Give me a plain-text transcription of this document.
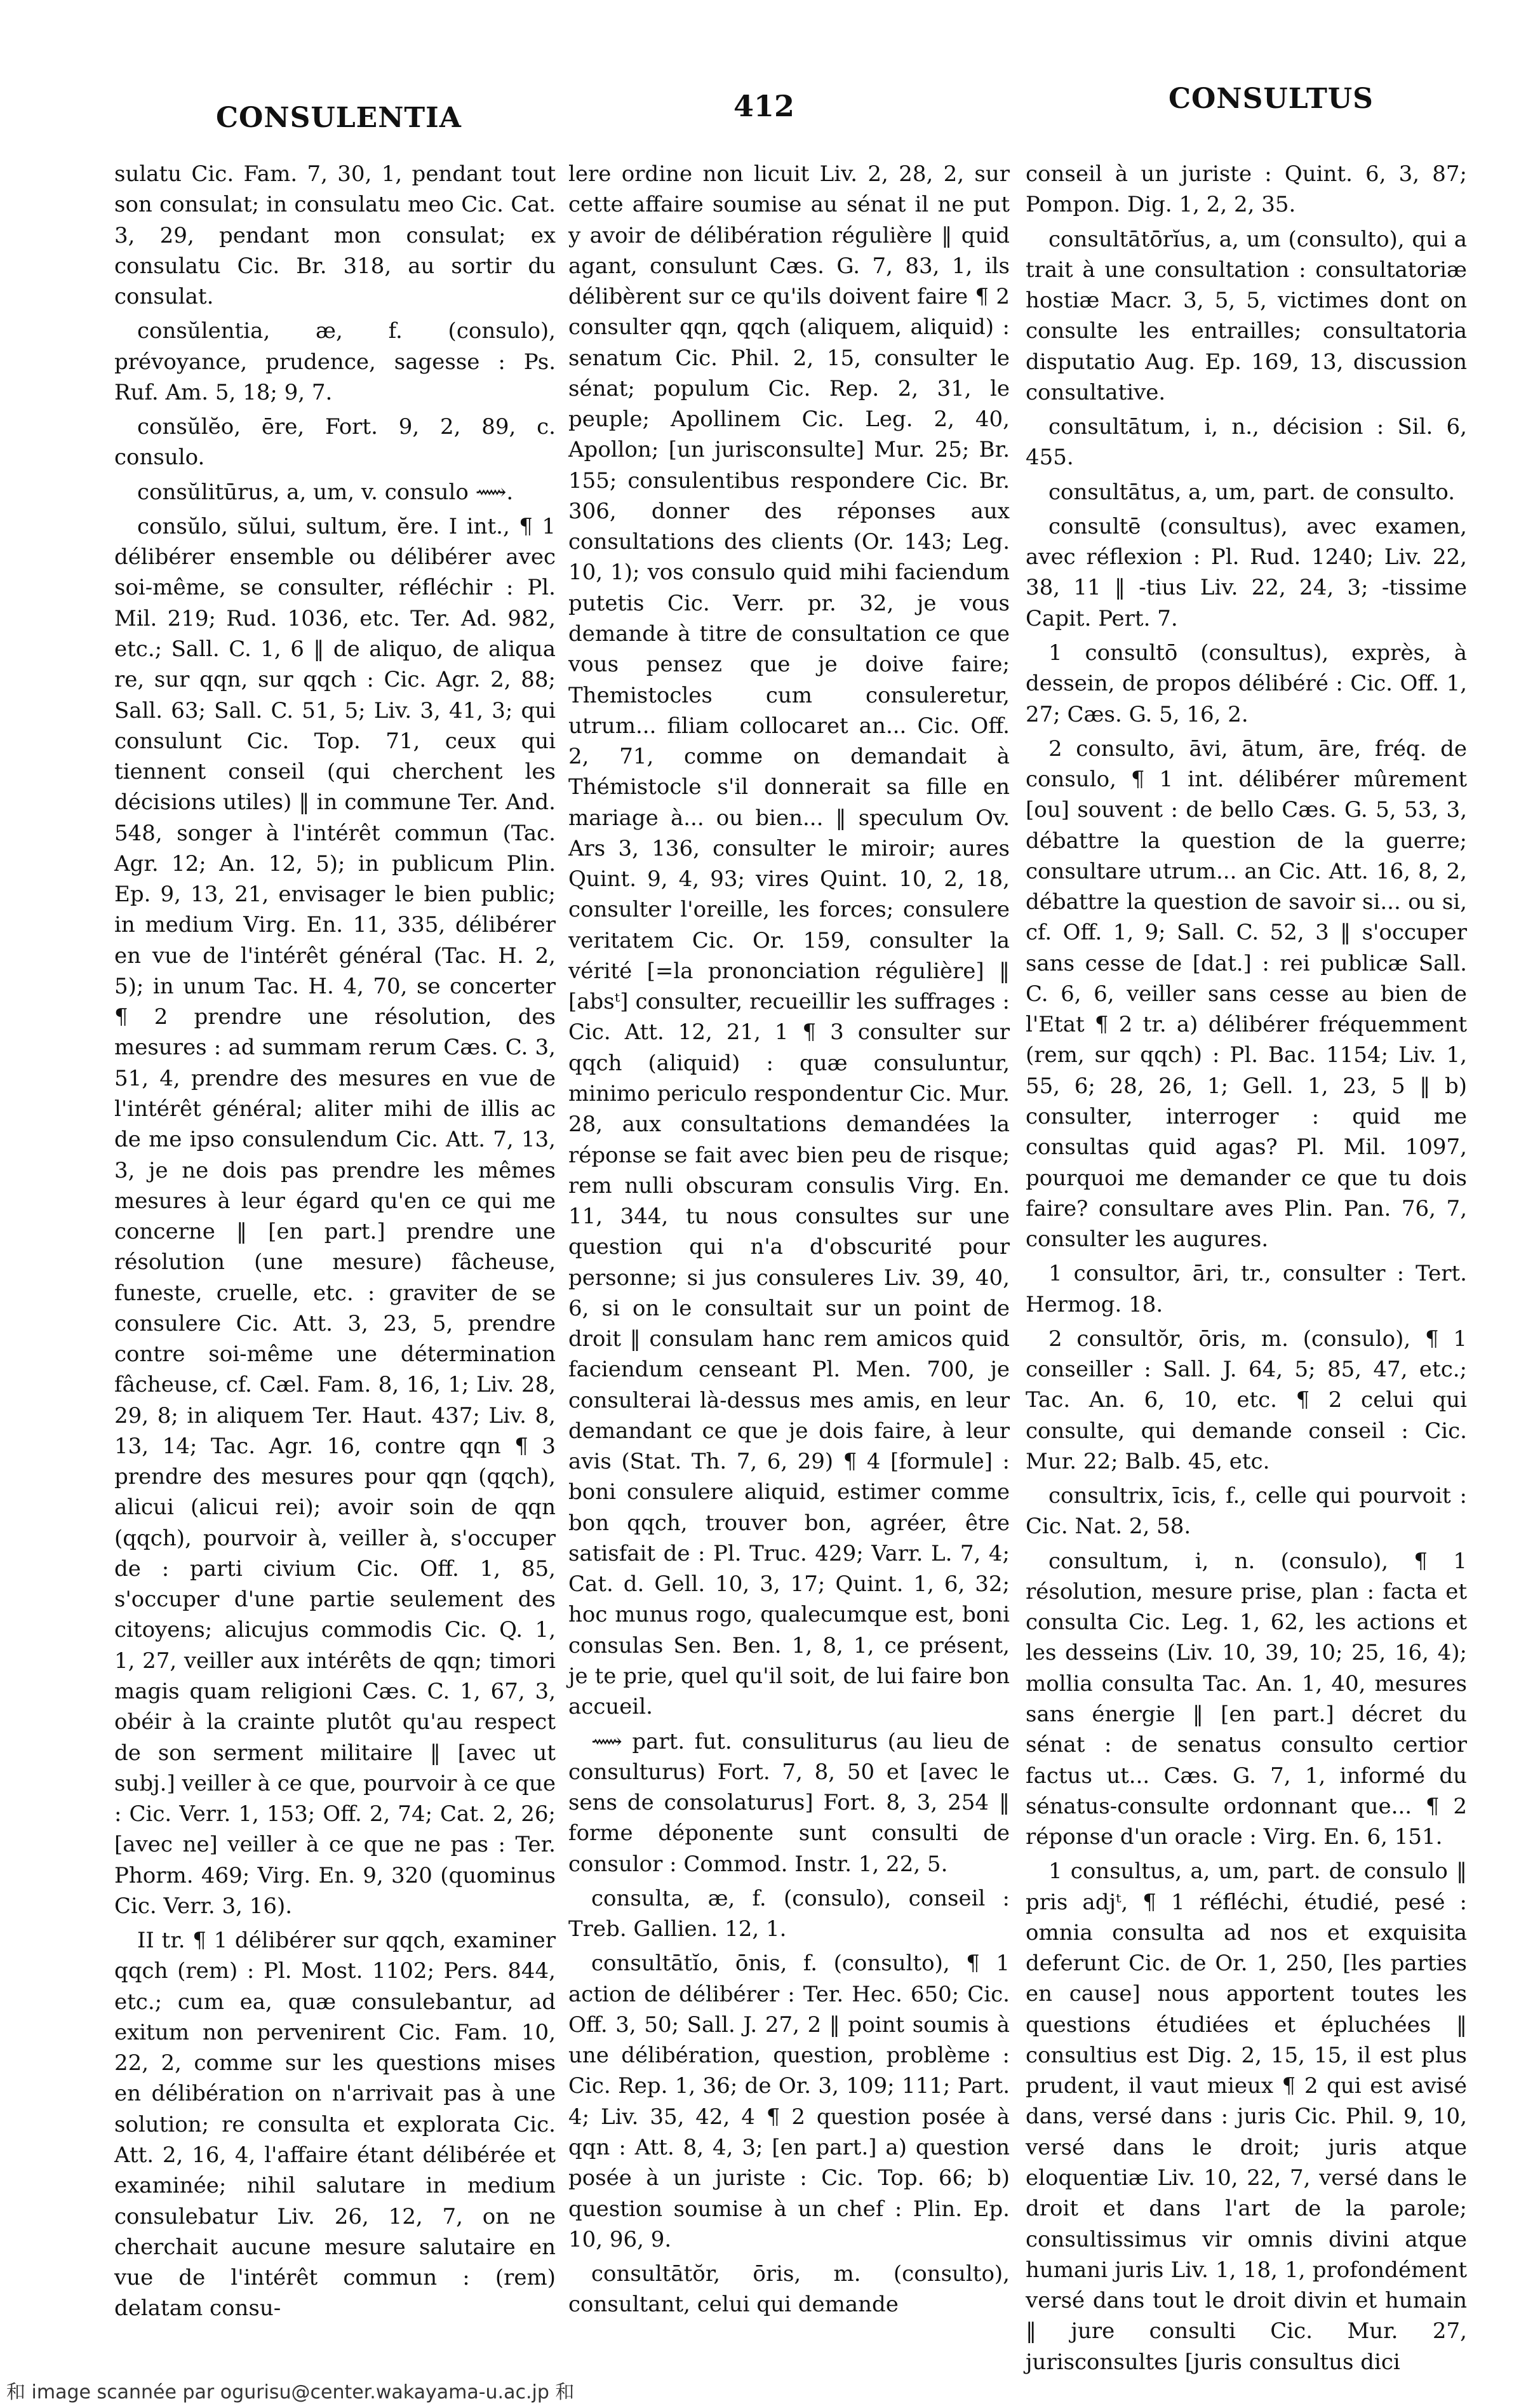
CONSULENTIA	412	CONSULTUS

sulatu Cic. Fam. 7, 30, 1, pendant tout son consulat; in consulatu meo Cic. Cat. 3, 29, pendant mon consulat; ex consulatu Cic. Br. 318, au sortir du consulat.

consŭlentia, æ, f. (consulo), prévoyance, prudence, sagesse : Ps. Ruf. Am. 5, 18; 9, 7.

consŭlĕo, ēre, Fort. 9, 2, 89, c. consulo.

consŭlitūrus, a, um, v. consulo ⟿.

consŭlo, sŭlui, sultum, ĕre. I int., ¶ 1 délibérer ensemble ou délibérer avec soi-même, se consulter, réfléchir : Pl. Mil. 219; Rud. 1036, etc. Ter. Ad. 982, etc.; Sall. C. 1, 6 ‖ de aliquo, de aliqua re, sur qqn, sur qqch : Cic. Agr. 2, 88; Sall. 63; Sall. C. 51, 5; Liv. 3, 41, 3; qui consulunt Cic. Top. 71, ceux qui tiennent conseil (qui cherchent les décisions utiles) ‖ in commune Ter. And. 548, songer à l'intérêt commun (Tac. Agr. 12; An. 12, 5); in publicum Plin. Ep. 9, 13, 21, envisager le bien public; in medium Virg. En. 11, 335, délibérer en vue de l'intérêt général (Tac. H. 2, 5); in unum Tac. H. 4, 70, se concerter ¶ 2 prendre une résolution, des mesures : ad summam rerum Cæs. C. 3, 51, 4, prendre des mesures en vue de l'intérêt général; aliter mihi de illis ac de me ipso consulendum Cic. Att. 7, 13, 3, je ne dois pas prendre les mêmes mesures à leur égard qu'en ce qui me concerne ‖ [en part.] prendre une résolution (une mesure) fâcheuse, funeste, cruelle, etc. : graviter de se consulere Cic. Att. 3, 23, 5, prendre contre soi-même une détermination fâcheuse, cf. Cæl. Fam. 8, 16, 1; Liv. 28, 29, 8; in aliquem Ter. Haut. 437; Liv. 8, 13, 14; Tac. Agr. 16, contre qqn ¶ 3 prendre des mesures pour qqn (qqch), alicui (alicui rei); avoir soin de qqn (qqch), pourvoir à, veiller à, s'occuper de : parti civium Cic. Off. 1, 85, s'occuper d'une partie seulement des citoyens; alicujus commodis Cic. Q. 1, 1, 27, veiller aux intérêts de qqn; timori magis quam religioni Cæs. C. 1, 67, 3, obéir à la crainte plutôt qu'au respect de son serment militaire ‖ [avec ut subj.] veiller à ce que, pourvoir à ce que : Cic. Verr. 1, 153; Off. 2, 74; Cat. 2, 26; [avec ne] veiller à ce que ne pas : Ter. Phorm. 469; Virg. En. 9, 320 (quominus Cic. Verr. 3, 16).

II tr. ¶ 1 délibérer sur qqch, examiner qqch (rem) : Pl. Most. 1102; Pers. 844, etc.; cum ea, quæ consulebantur, ad exitum non pervenirent Cic. Fam. 10, 22, 2, comme sur les questions mises en délibération on n'arrivait pas à une solution; re consulta et explorata Cic. Att. 2, 16, 4, l'affaire étant délibérée et examinée; nihil salutare in medium consulebatur Liv. 26, 12, 7, on ne cherchait aucune mesure salutaire en vue de l'intérêt commun : (rem) delatam consu-

lere ordine non licuit Liv. 2, 28, 2, sur cette affaire soumise au sénat il ne put y avoir de délibération régulière ‖ quid agant, consulunt Cæs. G. 7, 83, 1, ils délibèrent sur ce qu'ils doivent faire ¶ 2 consulter qqn, qqch (aliquem, aliquid) : senatum Cic. Phil. 2, 15, consulter le sénat; populum Cic. Rep. 2, 31, le peuple; Apollinem Cic. Leg. 2, 40, Apollon; [un jurisconsulte] Mur. 25; Br. 155; consulentibus respondere Cic. Br. 306, donner des réponses aux consultations des clients (Or. 143; Leg. 10, 1); vos consulo quid mihi faciendum putetis Cic. Verr. pr. 32, je vous demande à titre de consultation ce que vous pensez que je doive faire; Themistocles cum consuleretur, utrum... filiam collocaret an... Cic. Off. 2, 71, comme on demandait à Thémistocle s'il donnerait sa fille en mariage à... ou bien... ‖ speculum Ov. Ars 3, 136, consulter le miroir; aures Quint. 9, 4, 93; vires Quint. 10, 2, 18, consulter l'oreille, les forces; consulere veritatem Cic. Or. 159, consulter la vérité [=la prononciation régulière] ‖ [absᵗ] consulter, recueillir les suffrages : Cic. Att. 12, 21, 1 ¶ 3 consulter sur qqch (aliquid) : quæ consuluntur, minimo periculo respondentur Cic. Mur. 28, aux consultations demandées la réponse se fait avec bien peu de risque; rem nulli obscuram consulis Virg. En. 11, 344, tu nous consultes sur une question qui n'a d'obscurité pour personne; si jus consuleres Liv. 39, 40, 6, si on le consultait sur un point de droit ‖ consulam hanc rem amicos quid faciendum censeant Pl. Men. 700, je consulterai là-dessus mes amis, en leur demandant ce que je dois faire, à leur avis (Stat. Th. 7, 6, 29) ¶ 4 [formule] : boni consulere aliquid, estimer comme bon qqch, trouver bon, agréer, être satisfait de : Pl. Truc. 429; Varr. L. 7, 4; Cat. d. Gell. 10, 3, 17; Quint. 1, 6, 32; hoc munus rogo, qualecumque est, boni consulas Sen. Ben. 1, 8, 1, ce présent, je te prie, quel qu'il soit, de lui faire bon accueil.

⟿ part. fut. consuliturus (au lieu de consulturus) Fort. 7, 8, 50 et [avec le sens de consolaturus] Fort. 8, 3, 254 ‖ forme déponente sunt consulti de consulor : Commod. Instr. 1, 22, 5.

consulta, æ, f. (consulo), conseil : Treb. Gallien. 12, 1.

consultātĭo, ōnis, f. (consulto), ¶ 1 action de délibérer : Ter. Hec. 650; Cic. Off. 3, 50; Sall. J. 27, 2 ‖ point soumis à une délibération, question, problème : Cic. Rep. 1, 36; de Or. 3, 109; 111; Part. 4; Liv. 35, 42, 4 ¶ 2 question posée à qqn : Att. 8, 4, 3; [en part.] a) question posée à un juriste : Cic. Top. 66; b) question soumise à un chef : Plin. Ep. 10, 96, 9.

consultātŏr, ōris, m. (consulto), consultant, celui qui demande

conseil à un juriste : Quint. 6, 3, 87; Pompon. Dig. 1, 2, 2, 35.

consultātōrĭus, a, um (consulto), qui a trait à une consultation : consultatoriæ hostiæ Macr. 3, 5, 5, victimes dont on consulte les entrailles; consultatoria disputatio Aug. Ep. 169, 13, discussion consultative.

consultātum, i, n., décision : Sil. 6, 455.

consultātus, a, um, part. de consulto.

consultē (consultus), avec examen, avec réflexion : Pl. Rud. 1240; Liv. 22, 38, 11 ‖ -tius Liv. 22, 24, 3; -tissime Capit. Pert. 7.

1 consultō (consultus), exprès, à dessein, de propos délibéré : Cic. Off. 1, 27; Cæs. G. 5, 16, 2.

2 consulto, āvi, ātum, āre, fréq. de consulo, ¶ 1 int. délibérer mûrement [ou] souvent : de bello Cæs. G. 5, 53, 3, débattre la question de la guerre; consultare utrum... an Cic. Att. 16, 8, 2, débattre la question de savoir si... ou si, cf. Off. 1, 9; Sall. C. 52, 3 ‖ s'occuper sans cesse de [dat.] : rei publicæ Sall. C. 6, 6, veiller sans cesse au bien de l'Etat ¶ 2 tr. a) délibérer fréquemment (rem, sur qqch) : Pl. Bac. 1154; Liv. 1, 55, 6; 28, 26, 1; Gell. 1, 23, 5 ‖ b) consulter, interroger : quid me consultas quid agas? Pl. Mil. 1097, pourquoi me demander ce que tu dois faire? consultare aves Plin. Pan. 76, 7, consulter les augures.

1 consultor, āri, tr., consulter : Tert. Hermog. 18.

2 consultŏr, ōris, m. (consulo), ¶ 1 conseiller : Sall. J. 64, 5; 85, 47, etc.; Tac. An. 6, 10, etc. ¶ 2 celui qui consulte, qui demande conseil : Cic. Mur. 22; Balb. 45, etc.

consultrix, īcis, f., celle qui pourvoit : Cic. Nat. 2, 58.

consultum, i, n. (consulo), ¶ 1 résolution, mesure prise, plan : facta et consulta Cic. Leg. 1, 62, les actions et les desseins (Liv. 10, 39, 10; 25, 16, 4); mollia consulta Tac. An. 1, 40, mesures sans énergie ‖ [en part.] décret du sénat : de senatus consulto certior factus ut... Cæs. G. 7, 1, informé du sénatus-consulte ordonnant que... ¶ 2 réponse d'un oracle : Virg. En. 6, 151.

1 consultus, a, um, part. de consulo ‖ pris adjᵗ, ¶ 1 réfléchi, étudié, pesé : omnia consulta ad nos et exquisita deferunt Cic. de Or. 1, 250, [les parties en cause] nous apportent toutes les questions étudiées et épluchées ‖ consultius est Dig. 2, 15, 15, il est plus prudent, il vaut mieux ¶ 2 qui est avisé dans, versé dans : juris Cic. Phil. 9, 10, versé dans le droit; juris atque eloquentiæ Liv. 10, 22, 7, versé dans le droit et dans l'art de la parole; consultissimus vir omnis divini atque humani juris Liv. 1, 18, 1, profondément versé dans tout le droit divin et humain ‖ jure consulti Cic. Mur. 27, jurisconsultes [juris consultus dici

和 image scannée par ogurisu@center.wakayama-u.ac.jp 和
